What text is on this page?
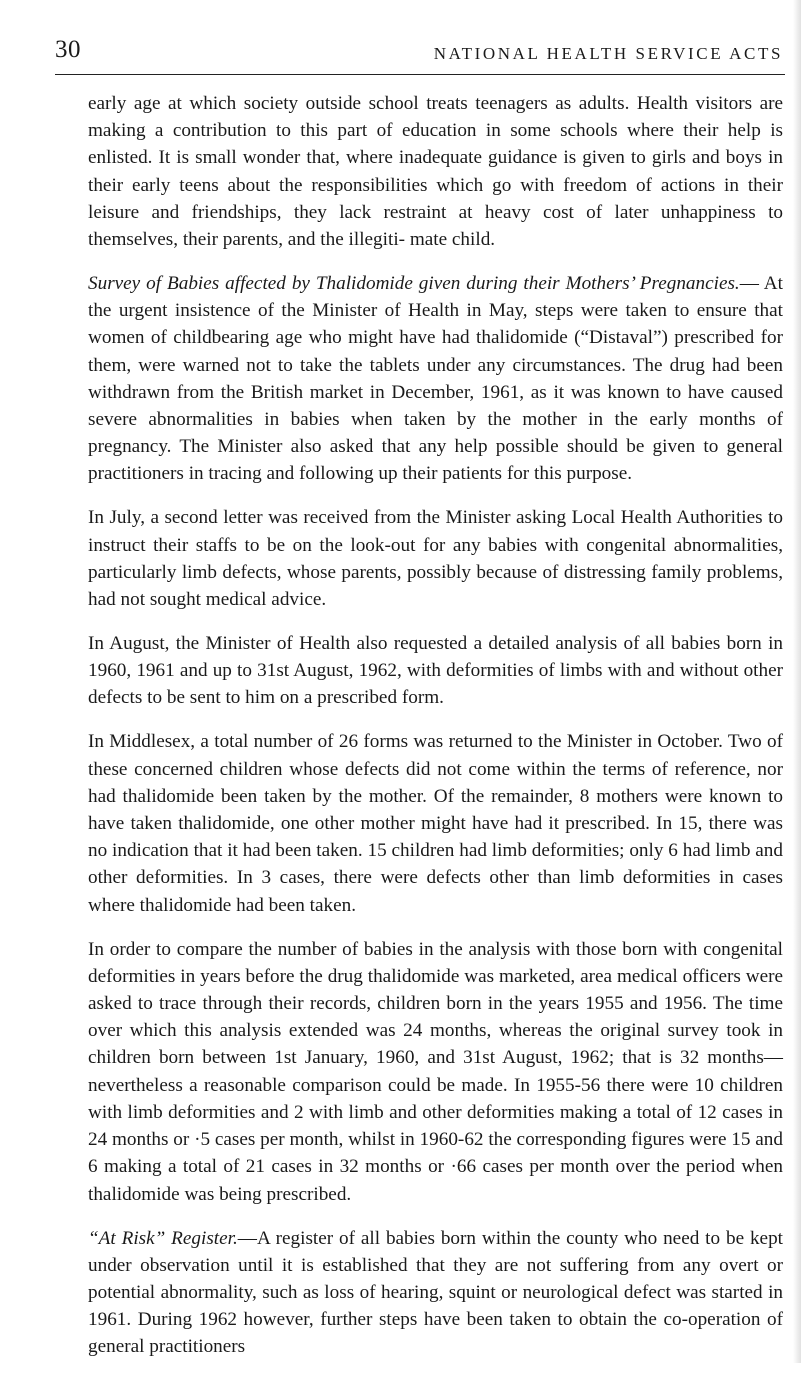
30	NATIONAL HEALTH SERVICE ACTS

early age at which society outside school treats teenagers as adults. Health visitors are making a contribution to this part of education in some schools where their help is enlisted. It is small wonder that, where inadequate guidance is given to girls and boys in their early teens about the responsibilities which go with freedom of actions in their leisure and friendships, they lack restraint at heavy cost of later unhappiness to themselves, their parents, and the illegiti- mate child.

Survey of Babies affected by Thalidomide given during their Mothers’ Pregnancies.— At the urgent insistence of the Minister of Health in May, steps were taken to ensure that women of childbearing age who might have had thalidomide (“Distaval”) prescribed for them, were warned not to take the tablets under any circumstances. The drug had been withdrawn from the British market in December, 1961, as it was known to have caused severe abnormalities in babies when taken by the mother in the early months of pregnancy. The Minister also asked that any help possible should be given to general practitioners in tracing and following up their patients for this purpose.

In July, a second letter was received from the Minister asking Local Health Authorities to instruct their staffs to be on the look-out for any babies with congenital abnormalities, particularly limb defects, whose parents, possibly because of distressing family problems, had not sought medical advice.

In August, the Minister of Health also requested a detailed analysis of all babies born in 1960, 1961 and up to 31st August, 1962, with deformities of limbs with and without other defects to be sent to him on a prescribed form.

In Middlesex, a total number of 26 forms was returned to the Minister in October. Two of these concerned children whose defects did not come within the terms of reference, nor had thalidomide been taken by the mother. Of the remainder, 8 mothers were known to have taken thalidomide, one other mother might have had it prescribed. In 15, there was no indication that it had been taken. 15 children had limb deformities; only 6 had limb and other deformities. In 3 cases, there were defects other than limb deformities in cases where thalidomide had been taken.

In order to compare the number of babies in the analysis with those born with congenital deformities in years before the drug thalidomide was marketed, area medical officers were asked to trace through their records, children born in the years 1955 and 1956. The time over which this analysis extended was 24 months, whereas the original survey took in children born between 1st January, 1960, and 31st August, 1962; that is 32 months—nevertheless a reasonable comparison could be made. In 1955-56 there were 10 children with limb deformities and 2 with limb and other deformities making a total of 12 cases in 24 months or ·5 cases per month, whilst in 1960-62 the corresponding figures were 15 and 6 making a total of 21 cases in 32 months or ·66 cases per month over the period when thalidomide was being prescribed.

“At Risk” Register.—A register of all babies born within the county who need to be kept under observation until it is established that they are not suffering from any overt or potential abnormality, such as loss of hearing, squint or neurological defect was started in 1961. During 1962 however, further steps have been taken to obtain the co-operation of general practitioners
